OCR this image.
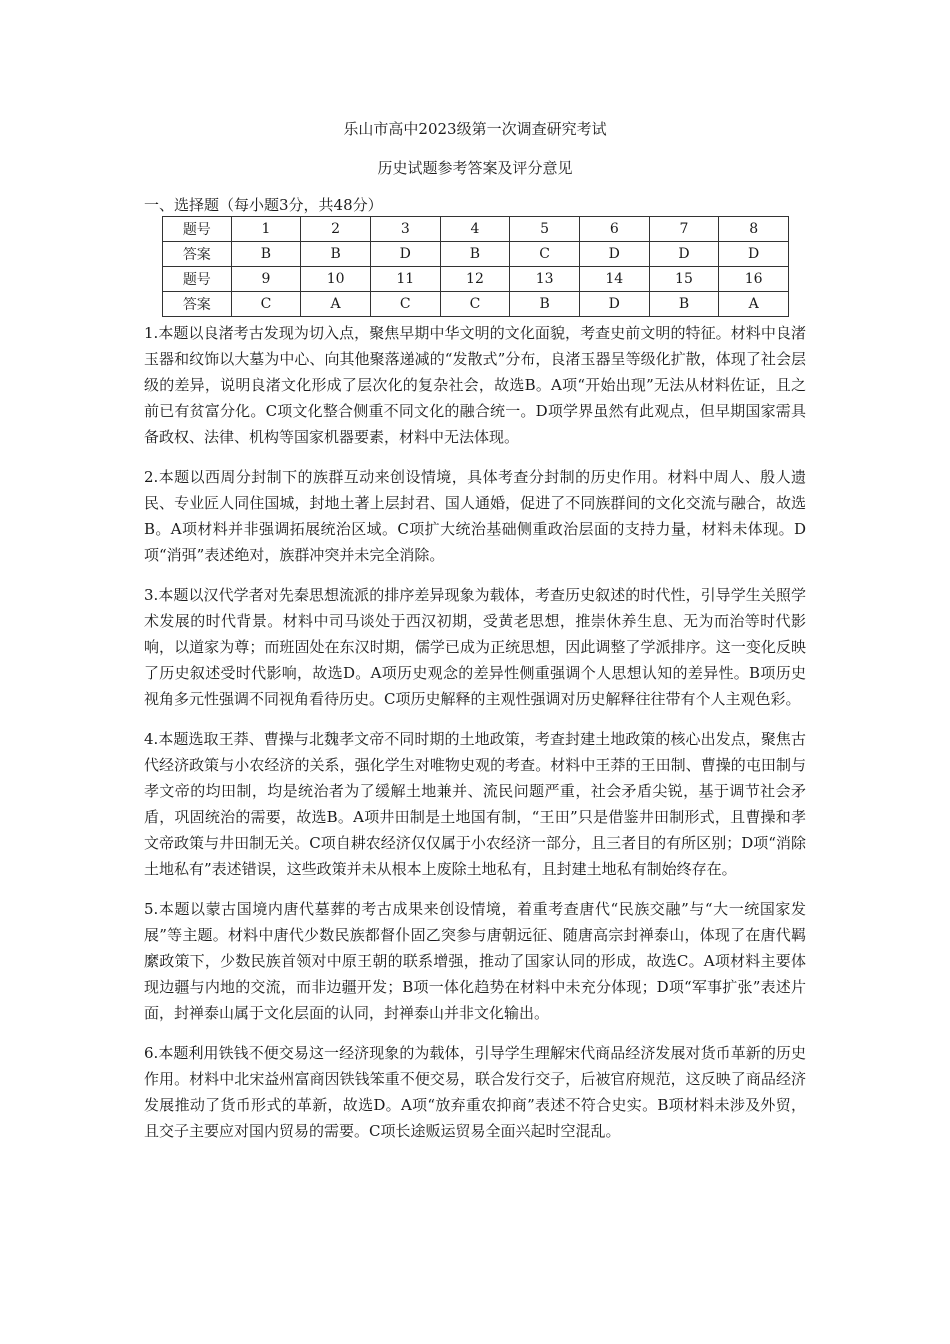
乐山市高中2023级第一次调查研究考试

历史试题参考答案及评分意见

一、选择题（每小题3分，共48分）
题号	1	2	3	4	5	6	7	8
答案	B	B	D	B	C	D	D	D
题号	9	10	11	12	13	14	15	16
答案	C	A	C	C	B	D	B	A

1.本题以良渚考古发现为切入点，聚焦早期中华文明的文化面貌，考查史前文明的特征。材料中良渚玉器和纹饰以大墓为中心、向其他聚落递减的“发散式”分布，良渚玉器呈等级化扩散，体现了社会层级的差异，说明良渚文化形成了层次化的复杂社会，故选B。A项“开始出现”无法从材料佐证，且之前已有贫富分化。C项文化整合侧重不同文化的融合统一。D项学界虽然有此观点，但早期国家需具备政权、法律、机构等国家机器要素，材料中无法体现。

2.本题以西周分封制下的族群互动来创设情境，具体考查分封制的历史作用。材料中周人、殷人遗民、专业匠人同住国城，封地土著上层封君、国人通婚，促进了不同族群间的文化交流与融合，故选B。A项材料并非强调拓展统治区域。C项扩大统治基础侧重政治层面的支持力量，材料未体现。D项“消弭”表述绝对，族群冲突并未完全消除。

3.本题以汉代学者对先秦思想流派的排序差异现象为载体，考查历史叙述的时代性，引导学生关照学术发展的时代背景。材料中司马谈处于西汉初期，受黄老思想，推崇休养生息、无为而治等时代影响，以道家为尊；而班固处在东汉时期，儒学已成为正统思想，因此调整了学派排序。这一变化反映了历史叙述受时代影响，故选D。A项历史观念的差异性侧重强调个人思想认知的差异性。B项历史视角多元性强调不同视角看待历史。C项历史解释的主观性强调对历史解释往往带有个人主观色彩。

4.本题选取王莽、曹操与北魏孝文帝不同时期的土地政策，考查封建土地政策的核心出发点，聚焦古代经济政策与小农经济的关系，强化学生对唯物史观的考查。材料中王莽的王田制、曹操的屯田制与孝文帝的均田制，均是统治者为了缓解土地兼并、流民问题严重，社会矛盾尖锐，基于调节社会矛盾，巩固统治的需要，故选B。A项井田制是土地国有制，“王田”只是借鉴井田制形式，且曹操和孝文帝政策与井田制无关。C项自耕农经济仅仅属于小农经济一部分，且三者目的有所区别；D项“消除土地私有”表述错误，这些政策并未从根本上废除土地私有，且封建土地私有制始终存在。

5.本题以蒙古国境内唐代墓葬的考古成果来创设情境，着重考查唐代“民族交融”与“大一统国家发展”等主题。材料中唐代少数民族都督仆固乙突参与唐朝远征、随唐高宗封禅泰山，体现了在唐代羁縻政策下，少数民族首领对中原王朝的联系增强，推动了国家认同的形成，故选C。A项材料主要体现边疆与内地的交流，而非边疆开发；B项一体化趋势在材料中未充分体现；D项“军事扩张”表述片面，封禅泰山属于文化层面的认同，封禅泰山并非文化输出。

6.本题利用铁钱不便交易这一经济现象的为载体，引导学生理解宋代商品经济发展对货币革新的历史作用。材料中北宋益州富商因铁钱笨重不便交易，联合发行交子，后被官府规范，这反映了商品经济发展推动了货币形式的革新，故选D。A项“放弃重农抑商”表述不符合史实。B项材料未涉及外贸，且交子主要应对国内贸易的需要。C项长途贩运贸易全面兴起时空混乱。
